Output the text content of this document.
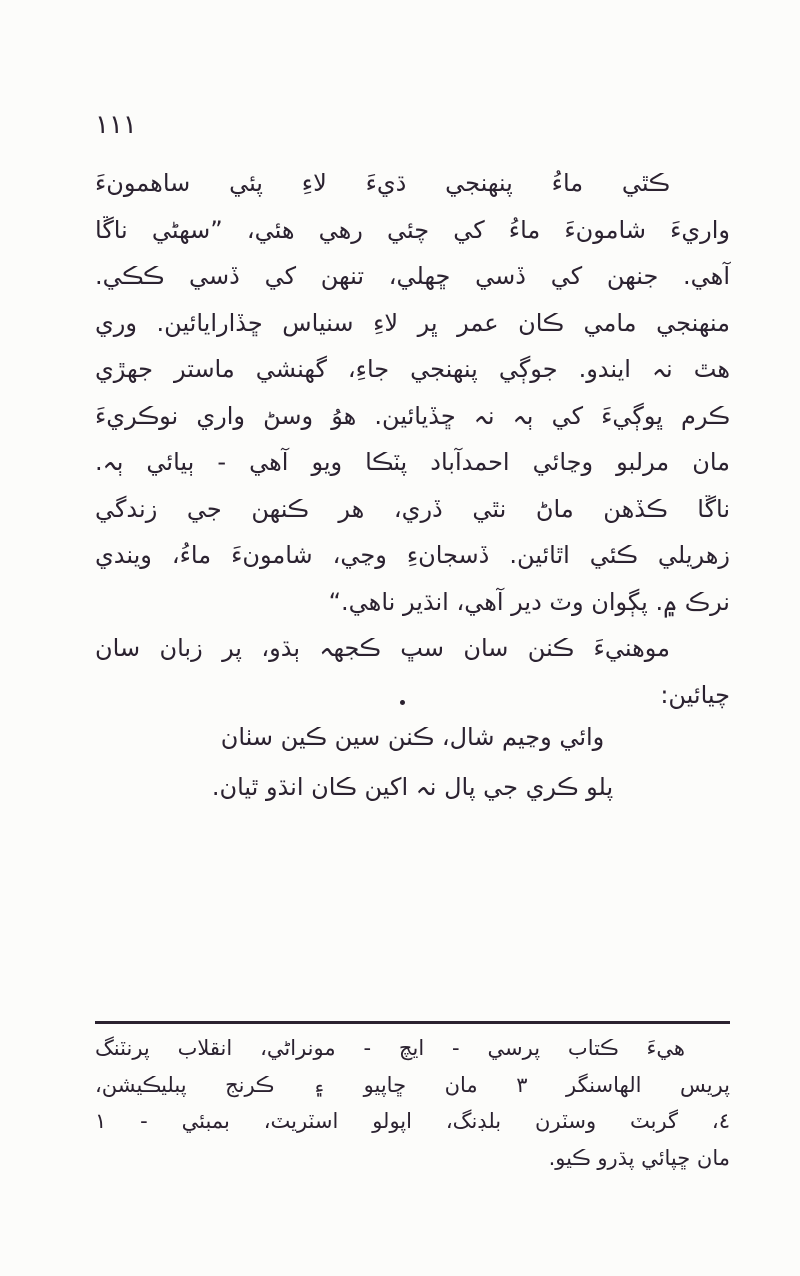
١١١
ڪٿي ماءُ پنهنجي ڌيءَ لاءِ پئي ساهمونءَ
واريءَ شامونءَ ماءُ کي چئي رهي هئي، ”سهڻي ناڱا
آهي. جنهن کي ڏسي ڇهلي، تنهن کي ڏسي ڪڪي.
منهنجي مامي ڪان عمر ڀر لاءِ سنياس ڇڏارايائين. وري
هٿ نہ ايندو. جوڳي پنهنجي جاءِ، گهنشي ماستر جهڙي
ڪرم ڀوڳيءَ کي ٻہ نہ ڇڏيائين. هوُ وسڻ واري نوڪريءَ
مان مرلبو وڃائي احمدآباد پٽڪا ويو آهي - ٻيائي ٻہ.
ناڱا ڪڏهن ماڻ نٿي ڏري، هر ڪنهن جي زندگي
زهريلي ڪئي اٿائين. ڏسجانءِ وڃي، شامونءَ ماءُ، ويندي
نرڪ ۾. پڳوان وٽ دير آهي، انڌير ناهي.“
موهنيءَ ڪنن سان سڀ ڪجهہ ٻڌو، پر زبان سان
چيائين:
وائي وڃيم شال، ڪنن سين ڪين سٺان
پلو ڪري جي پال نہ اکين ڪان انڌو ٿيان.
هيءَ ڪتاب پرسي - ايچ - مونراڻي، انقلاب پرنٽنگ
پريس الهاسنگر ٣ مان ڇاپيو ۽ ڪرنج پبليڪيشن،
٤، گربٽ وسٽرن بلڊنگ، اپولو اسٽريٽ، بمبئي - ١
مان ڇپائي پڌرو ڪيو.
